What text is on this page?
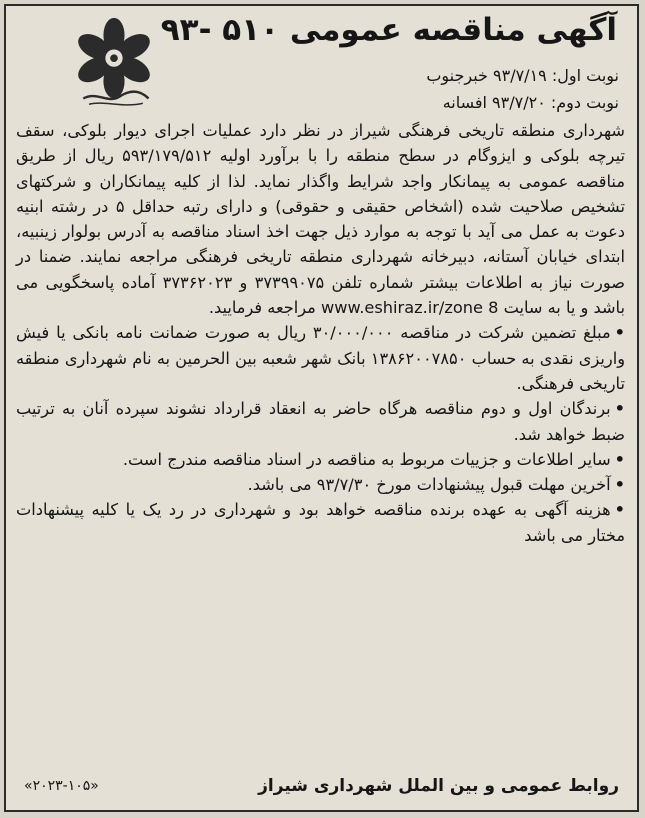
آگهی مناقصه عمومی ۵۱۰ -۹۳
نوبت اول: ۹۳/۷/۱۹ خبرجنوب
نوبت دوم: ۹۳/۷/۲۰ افسانه

شهرداری منطقه تاریخی فرهنگی شیراز در نظر دارد عملیات اجرای دیوار بلوکی، سقف تیرچه بلوکی و ایزوگام در سطح منطقه را با برآورد اولیه ۵۹۳/۱۷۹/۵۱۲ ریال از طریق مناقصه عمومی به پیمانکار واجد شرایط واگذار نماید. لذا از کلیه پیمانکاران و شرکتهای تشخیص صلاحیت شده (اشخاص حقیقی و حقوقی) و دارای رتبه حداقل ۵ در رشته ابنیه دعوت به عمل می آید با توجه به موارد ذیل جهت اخذ اسناد مناقصه به آدرس بولوار زینبیه، ابتدای خیابان آستانه، دبیرخانه شهرداری منطقه تاریخی فرهنگی مراجعه نمایند. ضمنا در صورت نیاز به اطلاعات بیشتر شماره تلفن ۳۷۳۹۹۰۷۵ و ۳۷۳۶۲۰۲۳ آماده پاسخگویی می باشد و یا به سایت www.eshiraz.ir/zone 8 مراجعه فرمایید.

•مبلغ تضمین شرکت در مناقصه ۳۰/۰۰۰/۰۰۰ ریال به صورت ضمانت نامه بانکی یا فیش واریزی نقدی به حساب ۱۳۸۶۲۰۰۷۸۵۰ بانک شهر شعبه بین الحرمین به نام شهرداری منطقه تاریخی فرهنگی.

•برندگان اول و دوم مناقصه هرگاه حاضر به انعقاد قرارداد نشوند سپرده آنان به ترتیب ضبط خواهد شد.

•سایر اطلاعات و جزییات مربوط به مناقصه در اسناد مناقصه مندرج است.

•آخرین مهلت قبول پیشنهادات مورخ ۹۳/۷/۳۰ می باشد.

•هزینه آگهی به عهده برنده مناقصه خواهد بود و شهرداری در رد یک یا کلیه پیشنهادات مختار می باشد

روابط عمومی و بین الملل شهرداری شیراز
«۲۰۲۳-۱۰۵»
